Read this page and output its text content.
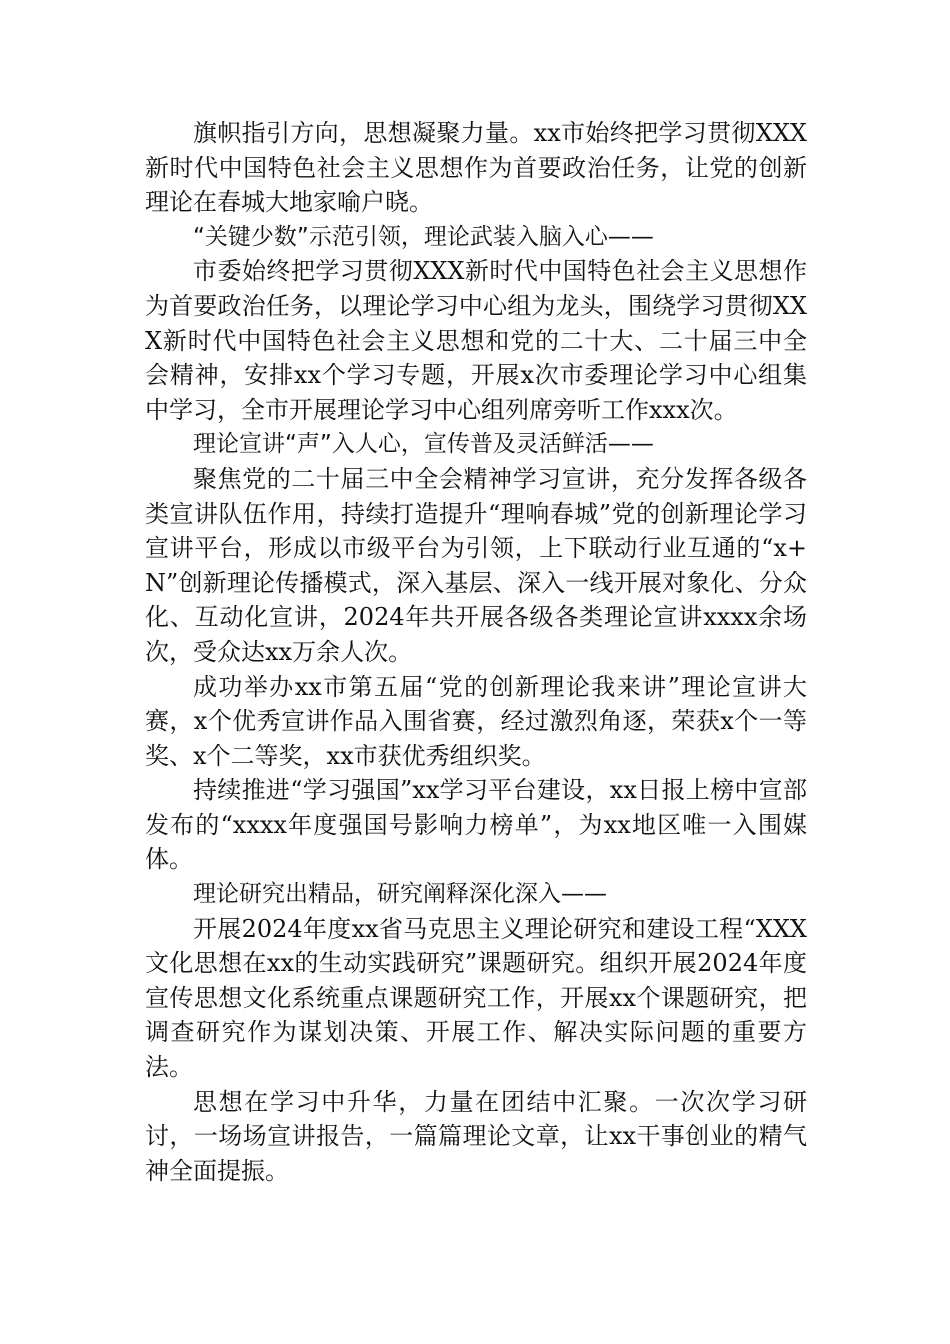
旗帜指引方向，思想凝聚力量。xx市始终把学习贯彻XXX新时代中国特色社会主义思想作为首要政治任务，让党的创新理论在春城大地家喻户晓。

“关键少数”示范引领，理论武装入脑入心——

市委始终把学习贯彻XXX新时代中国特色社会主义思想作为首要政治任务，以理论学习中心组为龙头，围绕学习贯彻XXX新时代中国特色社会主义思想和党的二十大、二十届三中全会精神，安排xx个学习专题，开展x次市委理论学习中心组集中学习，全市开展理论学习中心组列席旁听工作xxx次。

理论宣讲“声”入人心，宣传普及灵活鲜活——

聚焦党的二十届三中全会精神学习宣讲，充分发挥各级各类宣讲队伍作用，持续打造提升“理响春城”党的创新理论学习宣讲平台，形成以市级平台为引领，上下联动行业互通的“x+N”创新理论传播模式，深入基层、深入一线开展对象化、分众化、互动化宣讲，2024年共开展各级各类理论宣讲xxxx余场次，受众达xx万余人次。

成功举办xx市第五届“党的创新理论我来讲”理论宣讲大赛，x个优秀宣讲作品入围省赛，经过激烈角逐，荣获x个一等奖、x个二等奖，xx市获优秀组织奖。

持续推进“学习强国”xx学习平台建设，xx日报上榜中宣部发布的“xxxx年度强国号影响力榜单”，为xx地区唯一入围媒体。

理论研究出精品，研究阐释深化深入——

开展2024年度xx省马克思主义理论研究和建设工程“XXX文化思想在xx的生动实践研究”课题研究。组织开展2024年度宣传思想文化系统重点课题研究工作，开展xx个课题研究，把调查研究作为谋划决策、开展工作、解决实际问题的重要方法。

思想在学习中升华，力量在团结中汇聚。一次次学习研讨，一场场宣讲报告，一篇篇理论文章，让xx干事创业的精气神全面提振。
